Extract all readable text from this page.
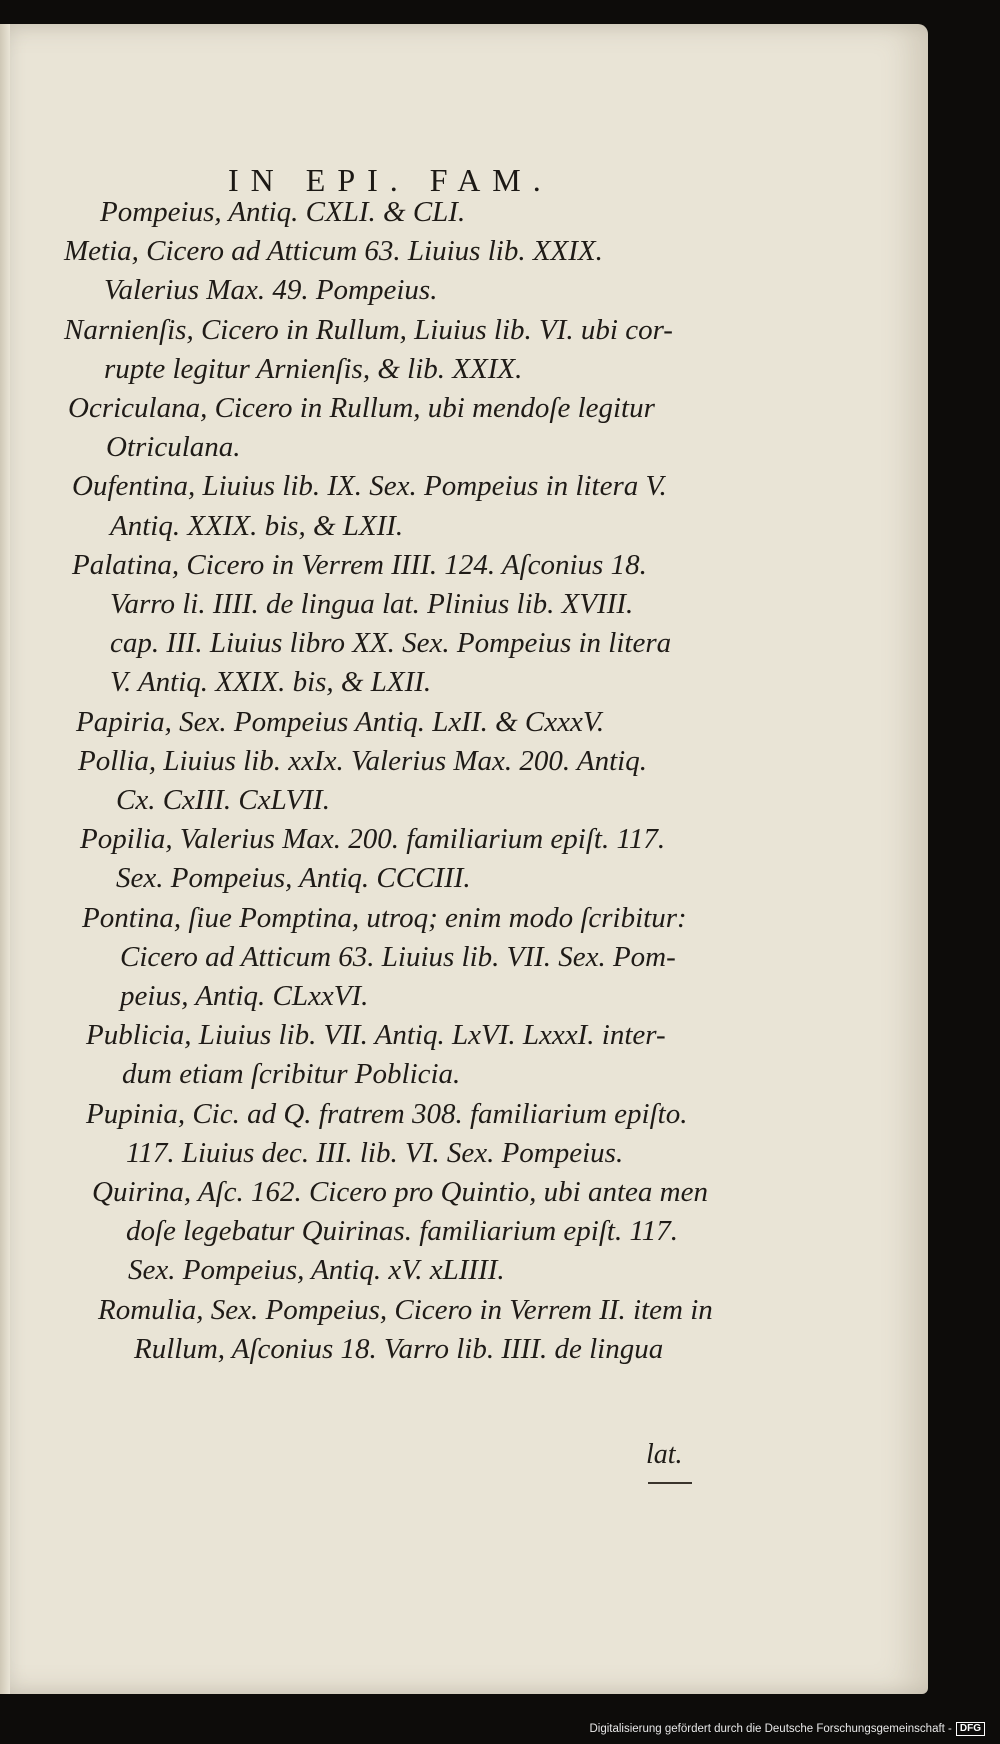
IN EPI. FAM.
Pompeius, Antiq. CXLI. & CLI.
Metia, Cicero ad Atticum 63. Liuius lib. XXIX.
Valerius Max. 49. Pompeius.
Narnienſis, Cicero in Rullum, Liuius lib. VI. ubi cor-
rupte legitur Arnienſis, & lib. XXIX.
Ocriculana, Cicero in Rullum, ubi mendoſe legitur
Otriculana.
Oufentina, Liuius lib. IX. Sex. Pompeius in litera V.
Antiq. XXIX. bis, & LXII.
Palatina, Cicero in Verrem IIII. 124. Aſconius 18.
Varro li. IIII. de lingua lat. Plinius lib. XVIII.
cap. III. Liuius libro XX. Sex. Pompeius in litera
V. Antiq. XXIX. bis, & LXII.
Papiria, Sex. Pompeius Antiq. LxII. & CxxxV.
Pollia, Liuius lib. xxIx. Valerius Max. 200. Antiq.
Cx. CxIII. CxLVII.
Popilia, Valerius Max. 200. familiarium epiſt. 117.
Sex. Pompeius, Antiq. CCCIII.
Pontina, ſiue Pomptina, utroq; enim modo ſcribitur:
Cicero ad Atticum 63. Liuius lib. VII. Sex. Pom-
peius, Antiq. CLxxVI.
Publicia, Liuius lib. VII. Antiq. LxVI. LxxxI. inter-
dum etiam ſcribitur Poblicia.
Pupinia, Cic. ad Q. fratrem 308. familiarium epiſto.
117. Liuius dec. III. lib. VI. Sex. Pompeius.
Quirina, Aſc. 162. Cicero pro Quintio, ubi antea men
doſe legebatur Quirinas. familiarium epiſt. 117.
Sex. Pompeius, Antiq. xV. xLIIII.
Romulia, Sex. Pompeius, Cicero in Verrem II. item in
Rullum, Aſconius 18. Varro lib. IIII. de lingua
lat.
Digitalisierung gefördert durch die Deutsche Forschungsgemeinschaft - DFG
